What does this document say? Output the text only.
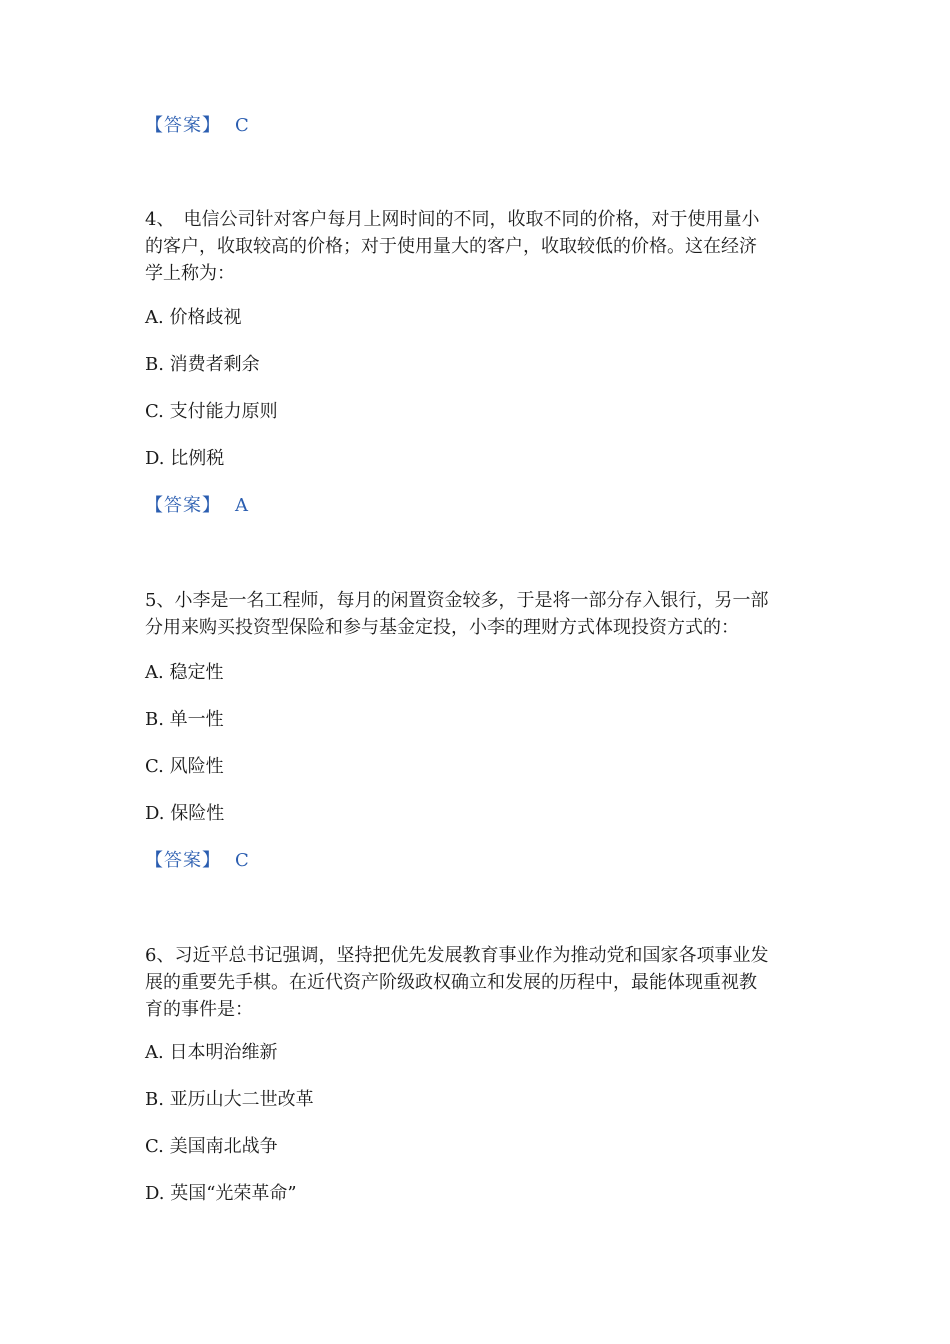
【答案】 C
4、　电信公司针对客户每月上网时间的不同，收取不同的价格，对于使用量小
的客户，收取较高的价格；对于使用量大的客户，收取较低的价格。这在经济
学上称为：
A. 价格歧视
B. 消费者剩余
C. 支付能力原则
D. 比例税
【答案】 A
5、小李是一名工程师，每月的闲置资金较多，于是将一部分存入银行，另一部
分用来购买投资型保险和参与基金定投，小李的理财方式体现投资方式的：
A. 稳定性
B. 单一性
C. 风险性
D. 保险性
【答案】 C
6、习近平总书记强调，坚持把优先发展教育事业作为推动党和国家各项事业发
展的重要先手棋。在近代资产阶级政权确立和发展的历程中，最能体现重视教
育的事件是：
A. 日本明治维新
B. 亚历山大二世改革
C. 美国南北战争
D. 英国“光荣革命”
